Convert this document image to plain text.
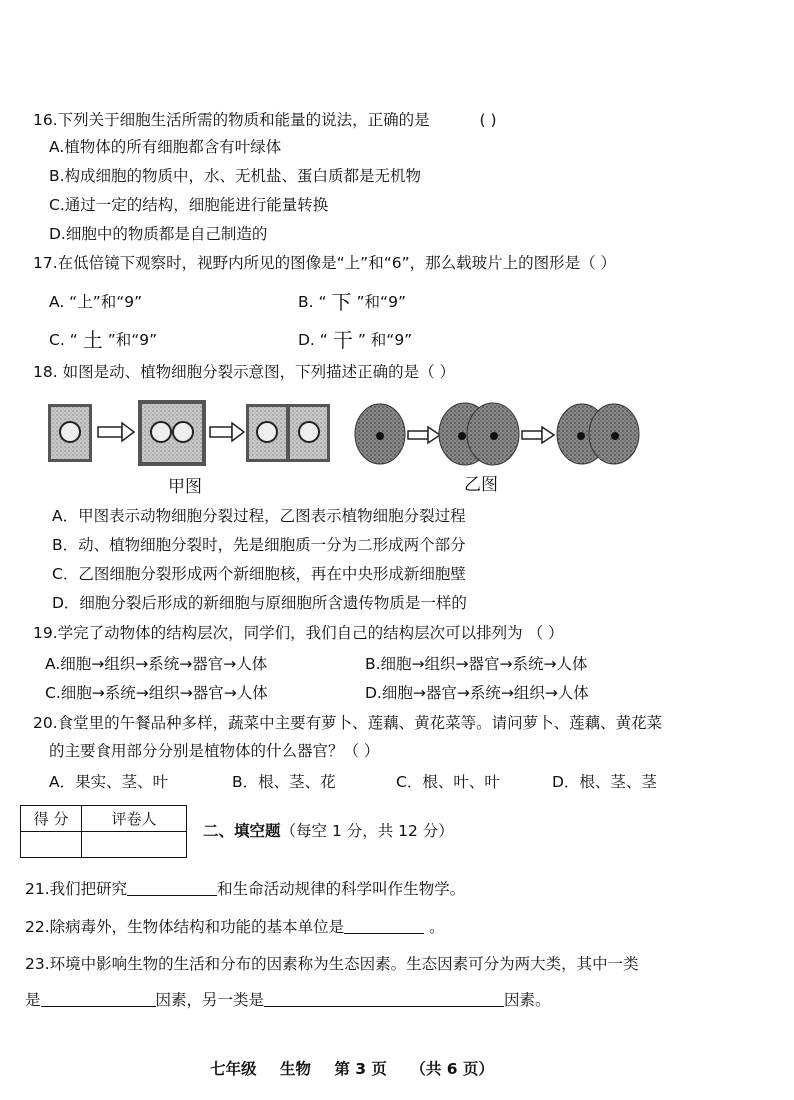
16.下列关于细胞生活所需的物质和能量的说法，正确的是	( )
A.植物体的所有细胞都含有叶绿体
B.构成细胞的物质中，水、无机盐、蛋白质都是无机物
C.通过一定的结构，细胞能进行能量转换
D.细胞中的物质都是自己制造的
17.在低倍镜下观察时，视野内所见的图像是“上”和“6”，那么载玻片上的图形是（ ）
A. “上”和“9”	B. “ 下 ”和“9”
C. “ 土 ”和“9”	D. “ 干 ” 和“9”
18. 如图是动、植物细胞分裂示意图，下列描述正确的是（ ）
甲图	乙图
A．甲图表示动物细胞分裂过程，乙图表示植物细胞分裂过程
B．动、植物细胞分裂时，先是细胞质一分为二形成两个部分
C．乙图细胞分裂形成两个新细胞核，再在中央形成新细胞壁
D．细胞分裂后形成的新细胞与原细胞所含遗传物质是一样的
19.学完了动物体的结构层次，同学们，我们自己的结构层次可以排列为 （ ）
A.细胞→组织→系统→器官→人体	B.细胞→组织→器官→系统→人体
C.细胞→系统→组织→器官→人体	D.细胞→器官→系统→组织→人体
20.食堂里的午餐品种多样，蔬菜中主要有萝卜、莲藕、黄花菜等。请问萝卜、莲藕、黄花菜
的主要食用部分分别是植物体的什么器官？（ ）
A．果实、茎、叶	B．根、茎、花	C．根、叶、叶	D．根、茎、茎
得 分	评卷人

二、填空题（每空 1 分，共 12 分）
21.我们把研究	和生命活动规律的科学叫作生物学。
22.除病毒外，生物体结构和功能的基本单位是	。
23.环境中影响生物的生活和分布的因素称为生态因素。生态因素可分为两大类，其中一类
是	因素，另一类是	因素。
七年级 生物 第 3 页 （共 6 页）
